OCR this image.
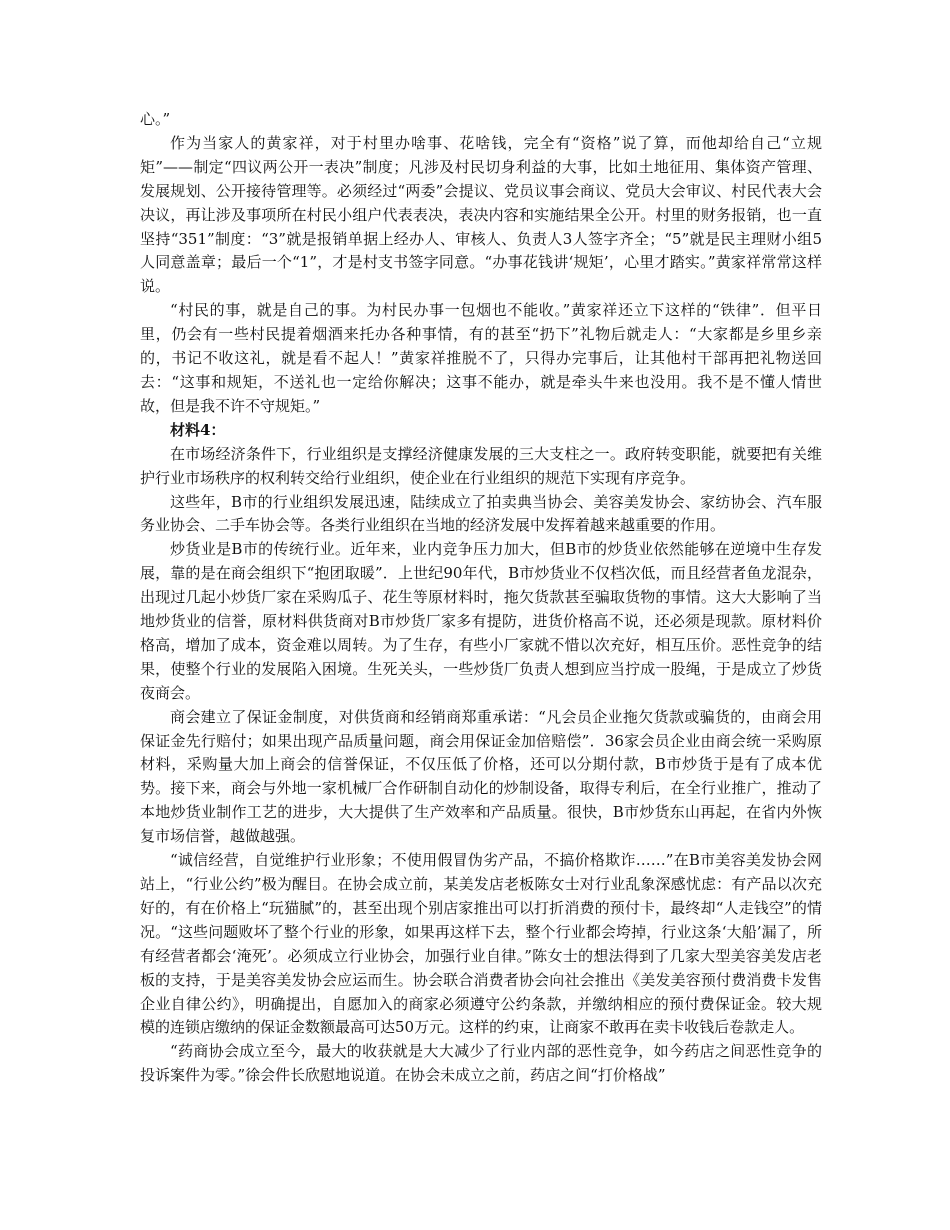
心。”

作为当家人的黄家祥，对于村里办啥事、花啥钱，完全有“资格”说了算，而他却给自己“立规矩”——制定“四议两公开一表决”制度；凡涉及村民切身利益的大事，比如土地征用、集体资产管理、发展规划、公开接待管理等。必须经过“两委”会提议、党员议事会商议、党员大会审议、村民代表大会决议，再让涉及事项所在村民小组户代表表决，表决内容和实施结果全公开。村里的财务报销，也一直坚持“351”制度：“3”就是报销单据上经办人、审核人、负责人3人签字齐全；“5”就是民主理财小组5人同意盖章；最后一个“1”，才是村支书签字同意。“办事花钱讲‘规矩’，心里才踏实。”黄家祥常常这样说。

“村民的事，就是自己的事。为村民办事一包烟也不能收。”黄家祥还立下这样的“铁律”．但平日里，仍会有一些村民提着烟酒来托办各种事情，有的甚至“扔下”礼物后就走人：“大家都是乡里乡亲的，书记不收这礼，就是看不起人！”黄家祥推脱不了，只得办完事后，让其他村干部再把礼物送回去：“这事和规矩，不送礼也一定给你解决；这事不能办，就是牵头牛来也没用。我不是不懂人情世故，但是我不许不守规矩。”

材料4：

在市场经济条件下，行业组织是支撑经济健康发展的三大支柱之一。政府转变职能，就要把有关维护行业市场秩序的权利转交给行业组织，使企业在行业组织的规范下实现有序竞争。

这些年，B市的行业组织发展迅速，陆续成立了拍卖典当协会、美容美发协会、家纺协会、汽车服务业协会、二手车协会等。各类行业组织在当地的经济发展中发挥着越来越重要的作用。

炒货业是B市的传统行业。近年来，业内竞争压力加大，但B市的炒货业依然能够在逆境中生存发展，靠的是在商会组织下“抱团取暖”．上世纪90年代，B市炒货业不仅档次低，而且经营者鱼龙混杂，出现过几起小炒货厂家在采购瓜子、花生等原材料时，拖欠货款甚至骗取货物的事情。这大大影响了当地炒货业的信誉，原材料供货商对B市炒货厂家多有提防，进货价格高不说，还必须是现款。原材料价格高，增加了成本，资金难以周转。为了生存，有些小厂家就不惜以次充好，相互压价。恶性竞争的结果，使整个行业的发展陷入困境。生死关头，一些炒货厂负责人想到应当拧成一股绳，于是成立了炒货夜商会。

商会建立了保证金制度，对供货商和经销商郑重承诺：“凡会员企业拖欠货款或骗货的，由商会用保证金先行赔付；如果出现产品质量问题，商会用保证金加倍赔偿”．36家会员企业由商会统一采购原材料，采购量大加上商会的信誉保证，不仅压低了价格，还可以分期付款，B市炒货于是有了成本优势。接下来，商会与外地一家机械厂合作研制自动化的炒制设备，取得专利后，在全行业推广，推动了本地炒货业制作工艺的进步，大大提供了生产效率和产品质量。很快，B市炒货东山再起，在省内外恢复市场信誉，越做越强。

“诚信经营，自觉维护行业形象；不使用假冒伪劣产品，不搞价格欺诈……”在B市美容美发协会网站上，“行业公约”极为醒目。在协会成立前，某美发店老板陈女士对行业乱象深感忧虑：有产品以次充好的，有在价格上“玩猫腻”的，甚至出现个别店家推出可以打折消费的预付卡，最终却“人走钱空”的情况。“这些问题败坏了整个行业的形象，如果再这样下去，整个行业都会垮掉，行业这条‘大船’漏了，所有经营者都会‘淹死’。必须成立行业协会，加强行业自律。”陈女士的想法得到了几家大型美容美发店老板的支持，于是美容美发协会应运而生。协会联合消费者协会向社会推出《美发美容预付费消费卡发售企业自律公约》，明确提出，自愿加入的商家必须遵守公约条款，并缴纳相应的预付费保证金。较大规模的连锁店缴纳的保证金数额最高可达50万元。这样的约束，让商家不敢再在卖卡收钱后卷款走人。

“药商协会成立至今，最大的收获就是大大减少了行业内部的恶性竞争，如今药店之间恶性竞争的投诉案件为零。”徐会件长欣慰地说道。在协会未成立之前，药店之间“打价格战”
